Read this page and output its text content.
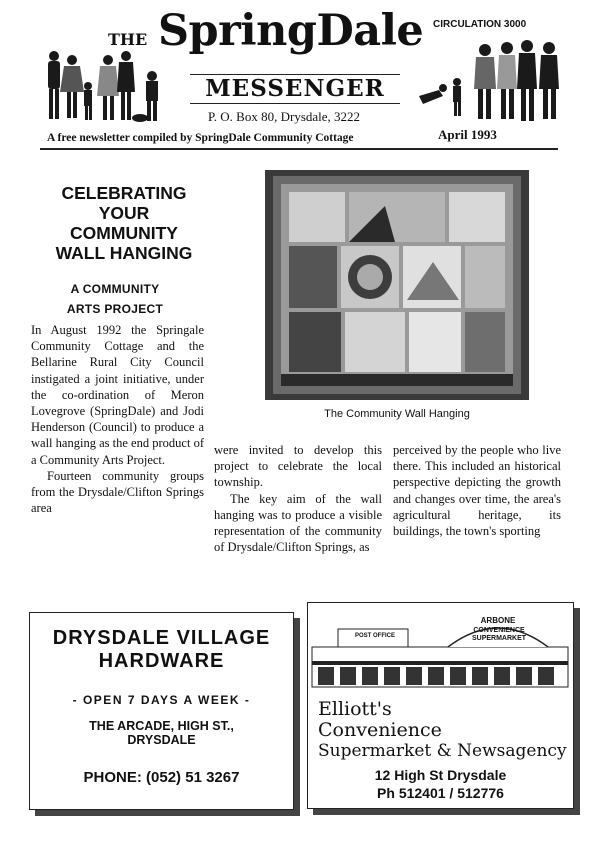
THE SpringDale CIRCULATION 3000
MESSENGER
P. O. Box 80, Drysdale, 3222
April 1993
A free newsletter compiled by SpringDale Community Cottage
CELEBRATING
YOUR
COMMUNITY
WALL HANGING
A COMMUNITY
ARTS PROJECT

In August 1992 the Springale Community Cottage and the Bellarine Rural City Council instigated a joint initiative, under the co-ordination of Meron Lovegrove (SpringDale) and Jodi Henderson (Council) to produce a wall hanging as the end product of a Community Arts Project.

Fourteen community groups from the Drysdale/Clifton Springs area

were invited to develop this project to celebrate the local township.

The key aim of the wall hanging was to produce a visible representation of the community of Drysdale/Clifton Springs, as

perceived by the people who live there. This included an historical perspective depicting the growth and changes over time, the area's agricultural heritage, its buildings, the town's sporting

The Community Wall Hanging
DRYSDALE VILLAGE
HARDWARE
- OPEN 7 DAYS A WEEK -
THE ARCADE, HIGH ST.,
DRYSDALE
PHONE: (052) 51 3267
POST OFFICE
ARBONE
CONVENIENCE
SUPERMARKET
Elliott's
Convenience
Supermarket & Newsagency
12 High St Drysdale
Ph 512401 / 512776
